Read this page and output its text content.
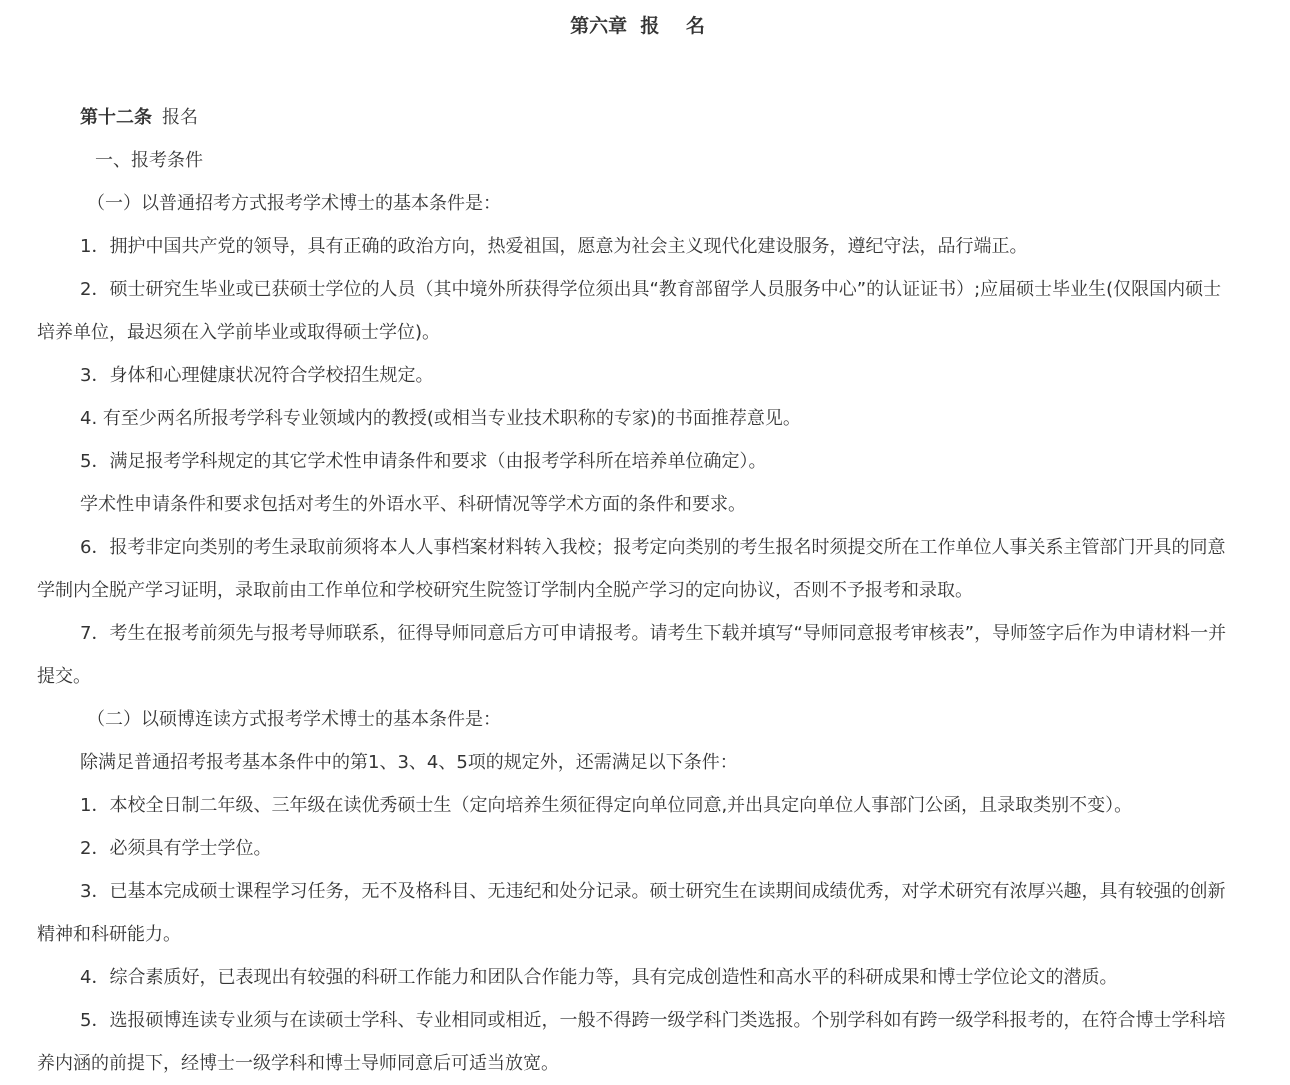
第六章  报    名

第十二条 报名

一、报考条件

（一）以普通招考方式报考学术博士的基本条件是：

1．拥护中国共产党的领导，具有正确的政治方向，热爱祖国，愿意为社会主义现代化建设服务，遵纪守法，品行端正。

2．硕士研究生毕业或已获硕士学位的人员（其中境外所获得学位须出具“教育部留学人员服务中心”的认证证书）;应届硕士毕业生(仅限国内硕士培养单位，最迟须在入学前毕业或取得硕士学位)。

3．身体和心理健康状况符合学校招生规定。

4. 有至少两名所报考学科专业领域内的教授(或相当专业技术职称的专家)的书面推荐意见。

5．满足报考学科规定的其它学术性申请条件和要求（由报考学科所在培养单位确定）。

学术性申请条件和要求包括对考生的外语水平、科研情况等学术方面的条件和要求。

6．报考非定向类别的考生录取前须将本人人事档案材料转入我校；报考定向类别的考生报名时须提交所在工作单位人事关系主管部门开具的同意学制内全脱产学习证明，录取前由工作单位和学校研究生院签订学制内全脱产学习的定向协议，否则不予报考和录取。

7．考生在报考前须先与报考导师联系，征得导师同意后方可申请报考。请考生下载并填写“导师同意报考审核表”，导师签字后作为申请材料一并提交。

（二）以硕博连读方式报考学术博士的基本条件是：

除满足普通招考报考基本条件中的第1、3、4、5项的规定外，还需满足以下条件：

1．本校全日制二年级、三年级在读优秀硕士生（定向培养生须征得定向单位同意,并出具定向单位人事部门公函，且录取类别不变）。

2．必须具有学士学位。

3．已基本完成硕士课程学习任务，无不及格科目、无违纪和处分记录。硕士研究生在读期间成绩优秀，对学术研究有浓厚兴趣，具有较强的创新精神和科研能力。

4．综合素质好，已表现出有较强的科研工作能力和团队合作能力等，具有完成创造性和高水平的科研成果和博士学位论文的潜质。

5．选报硕博连读专业须与在读硕士学科、专业相同或相近，一般不得跨一级学科门类选报。个别学科如有跨一级学科报考的，在符合博士学科培养内涵的前提下，经博士一级学科和博士导师同意后可适当放宽。
